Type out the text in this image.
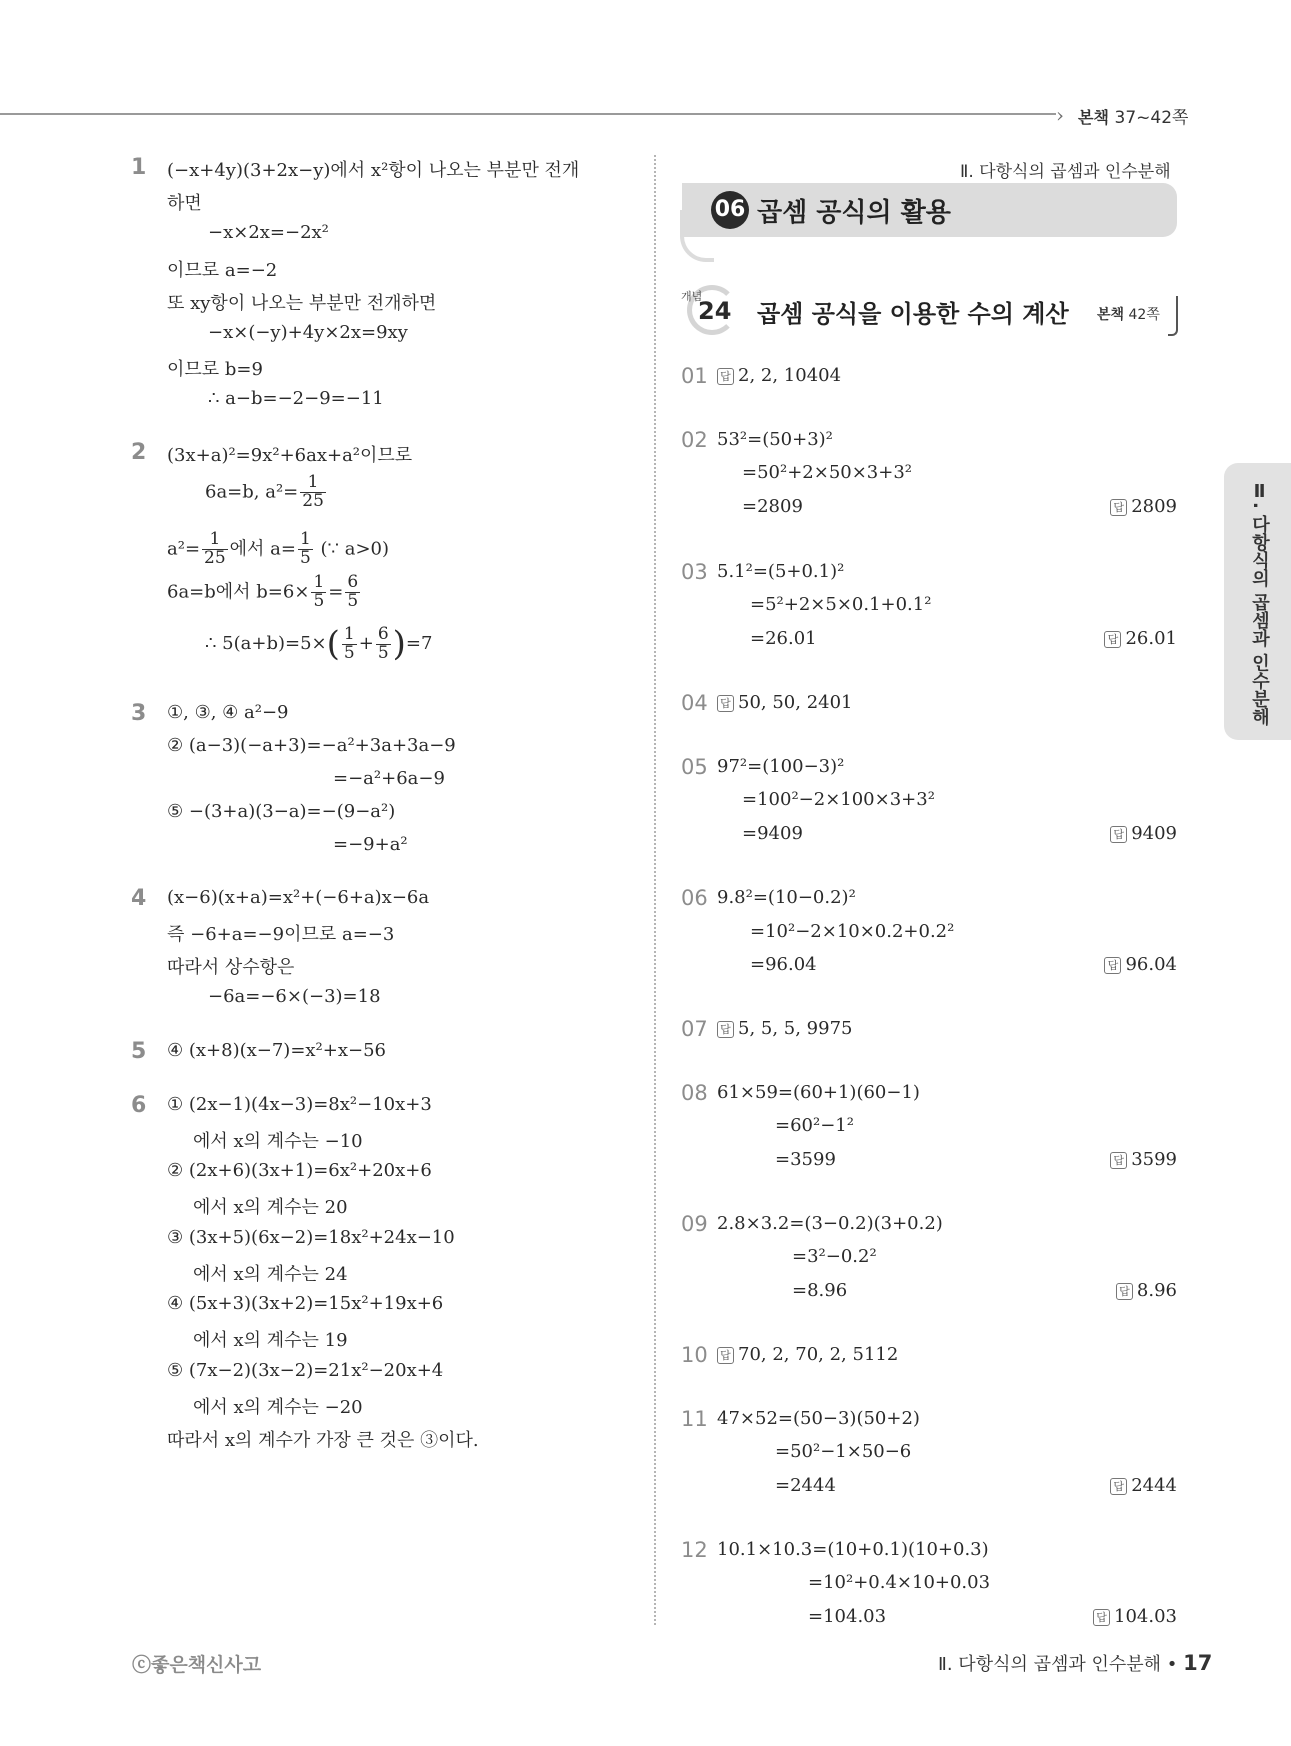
› 본책 37~42쪽
1 (−x+4y)(3+2x−y)에서 x²항이 나오는 부분만 전개
하면
−x×2x=−2x²
이므로 a=−2
또 xy항이 나오는 부분만 전개하면
−x×(−y)+4y×2x=9xy
이므로 b=9
∴ a−b=−2−9=−11
2 (3x+a)²=9x²+6ax+a²이므로
6a=b, $a^2= \frac{1}{25}$
$a^2= \frac{1}{25}$ 에서 $a= \frac{1}{5}$ (∵ a>0)
6a=b에서 $b=6\times \frac{1}{5} = \frac{6}{5}$
∴ $5(a+b)=5\times( \frac{1}{5} + \frac{6}{5} )=7$
3 ①, ③, ④ a²−9
② (a−3)(−a+3)=−a²+3a+3a−9
=−a²+6a−9
⑤ −(3+a)(3−a)=−(9−a²)
=−9+a²
4 (x−6)(x+a)=x²+(−6+a)x−6a
즉 −6+a=−9이므로 a=−3
따라서 상수항은
−6a=−6×(−3)=18
5 ④ (x+8)(x−7)=x²+x−56
6 ① (2x−1)(4x−3)=8x²−10x+3
에서 x의 계수는 −10
② (2x+6)(3x+1)=6x²+20x+6
에서 x의 계수는 20
③ (3x+5)(6x−2)=18x²+24x−10
에서 x의 계수는 24
④ (5x+3)(3x+2)=15x²+19x+6
에서 x의 계수는 19
⑤ (7x−2)(3x−2)=21x²−20x+4
에서 x의 계수는 −20
따라서 x의 계수가 가장 큰 것은 ③이다.
Ⅱ. 다항식의 곱셈과 인수분해
06 곱셈 공식의 활용
개념
24 곱셈 공식을 이용한 수의 계산 본책 42쪽
01 답 2, 2, 10404
02 53²=(50+3)²
=50²+2×50×3+3²
=2809	답 2809
03 5.1²=(5+0.1)²
=5²+2×5×0.1+0.1²
=26.01	답 26.01
04 답 50, 50, 2401
05 97²=(100−3)²
=100²−2×100×3+3²
=9409	답 9409
06 9.8²=(10−0.2)²
=10²−2×10×0.2+0.2²
=96.04	답 96.04
07 답 5, 5, 5, 9975
08 61×59=(60+1)(60−1)
=60²−1²
=3599	답 3599
09 2.8×3.2=(3−0.2)(3+0.2)
=3²−0.2²
=8.96	답 8.96
10 답 70, 2, 70, 2, 5112
11 47×52=(50−3)(50+2)
=50²−1×50−6
=2444	답 2444
12 10.1×10.3=(10+0.1)(10+0.3)
=10²+0.4×10+0.03
=104.03	답 104.03
Ⅱ. 다항식의 곱셈과 인수분해
ⓒ좋은책신사고	Ⅱ. 다항식의 곱셈과 인수분해 • 17
